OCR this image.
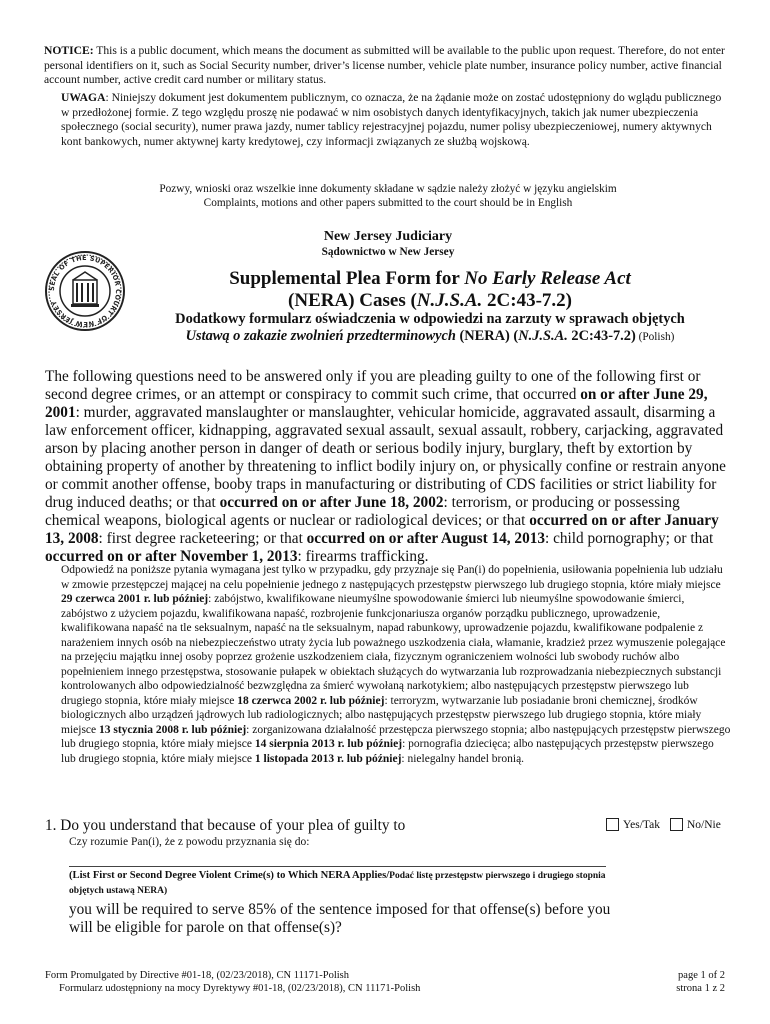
NOTICE: This is a public document, which means the document as submitted will be available to the public upon request. Therefore, do not enter personal identifiers on it, such as Social Security number, driver’s license number, vehicle plate number, insurance policy number, active financial account number, active credit card number or military status.
UWAGA: Niniejszy dokument jest dokumentem publicznym, co oznacza, że na żądanie może on zostać udostępniony do wglądu publicznego w przedłożonej formie. Z tego względu proszę nie podawać w nim osobistych danych identyfikacyjnych, takich jak numer ubezpieczenia społecznego (social security), numer prawa jazdy, numer tablicy rejestracyjnej pojazdu, numer polisy ubezpieczeniowej, numery aktywnych kont bankowych, numer aktywnej karty kredytowej, czy informacji związanych ze służbą wojskową.
Pozwy, wnioski oraz wszelkie inne dokumenty składane w sądzie należy złożyć w języku angielskim
Complaints, motions and other papers submitted to the court should be in English
New Jersey Judiciary
Sądownictwo w New Jersey
SEAL OF THE SUPERIOR COURT OF NEW JERSEY
Supplemental Plea Form for No Early Release Act
(NERA) Cases (N.J.S.A. 2C:43-7.2)
Dodatkowy formularz oświadczenia w odpowiedzi na zarzuty w sprawach objętych
Ustawą o zakazie zwolnień przedterminowych (NERA) (N.J.S.A. 2C:43-7.2) (Polish)
The following questions need to be answered only if you are pleading guilty to one of the following first or second degree crimes, or an attempt or conspiracy to commit such crime, that occurred on or after June 29, 2001: murder, aggravated manslaughter or manslaughter, vehicular homicide, aggravated assault, disarming a law enforcement officer, kidnapping, aggravated sexual assault, sexual assault, robbery, carjacking, aggravated arson by placing another person in danger of death or serious bodily injury, burglary, theft by extortion by obtaining property of another by threatening to inflict bodily injury on, or physically confine or restrain anyone or commit another offense, booby traps in manufacturing or distributing of CDS facilities or strict liability for drug induced deaths; or that occurred on or after June 18, 2002: terrorism, or producing or possessing chemical weapons, biological agents or nuclear or radiological devices; or that occurred on or after January 13, 2008: first degree racketeering; or that occurred on or after August 14, 2013: child pornography; or that occurred on or after November 1, 2013: firearms trafficking.
Odpowiedź na poniższe pytania wymagana jest tylko w przypadku, gdy przyznaje się Pan(i) do popełnienia, usiłowania popełnienia lub udziału w zmowie przestępczej mającej na celu popełnienie jednego z następujących przestępstw pierwszego lub drugiego stopnia, które miały miejsce 29 czerwca 2001 r. lub później: zabójstwo, kwalifikowane nieumyślne spowodowanie śmierci lub nieumyślne spowodowanie śmierci, zabójstwo z użyciem pojazdu, kwalifikowana napaść, rozbrojenie funkcjonariusza organów porządku publicznego, uprowadzenie, kwalifikowana napaść na tle seksualnym, napaść na tle seksualnym, napad rabunkowy, uprowadzenie pojazdu, kwalifikowane podpalenie z narażeniem innych osób na niebezpieczeństwo utraty życia lub poważnego uszkodzenia ciała, włamanie, kradzież przez wymuszenie polegające na przejęciu majątku innej osoby poprzez grożenie uszkodzeniem ciała, fizycznym ograniczeniem wolności lub swobody ruchów albo popełnieniem innego przestępstwa, stosowanie pułapek w obiektach służących do wytwarzania lub rozprowadzania niebezpiecznych substancji kontrolowanych albo odpowiedzialność bezwzględna za śmierć wywołaną narkotykiem; albo następujących przestępstw pierwszego lub drugiego stopnia, które miały miejsce 18 czerwca 2002 r. lub później: terroryzm, wytwarzanie lub posiadanie broni chemicznej, środków biologicznych albo urządzeń jądrowych lub radiologicznych; albo następujących przestępstw pierwszego lub drugiego stopnia, które miały miejsce 13 stycznia 2008 r. lub później: zorganizowana działalność przestępcza pierwszego stopnia; albo następujących przestępstw pierwszego lub drugiego stopnia, które miały miejsce 14 sierpnia 2013 r. lub później: pornografia dziecięca; albo następujących przestępstw pierwszego lub drugiego stopnia, które miały miejsce 1 listopada 2013 r. lub później: nielegalny handel bronią.
1. Do you understand that because of your plea of guilty to
Czy rozumie Pan(i), że z powodu przyznania się do:
Yes/Tak No/Nie
(List First or Second Degree Violent Crime(s) to Which NERA Applies/Podać listę przestępstw pierwszego i drugiego stopnia objętych ustawą NERA)
you will be required to serve 85% of the sentence imposed for that offense(s) before you will be eligible for parole on that offense(s)?
Form Promulgated by Directive #01-18, (02/23/2018), CN 11171-Polish
Formularz udostępniony na mocy Dyrektywy #01-18, (02/23/2018), CN 11171-Polish
page 1 of 2
strona 1 z 2
